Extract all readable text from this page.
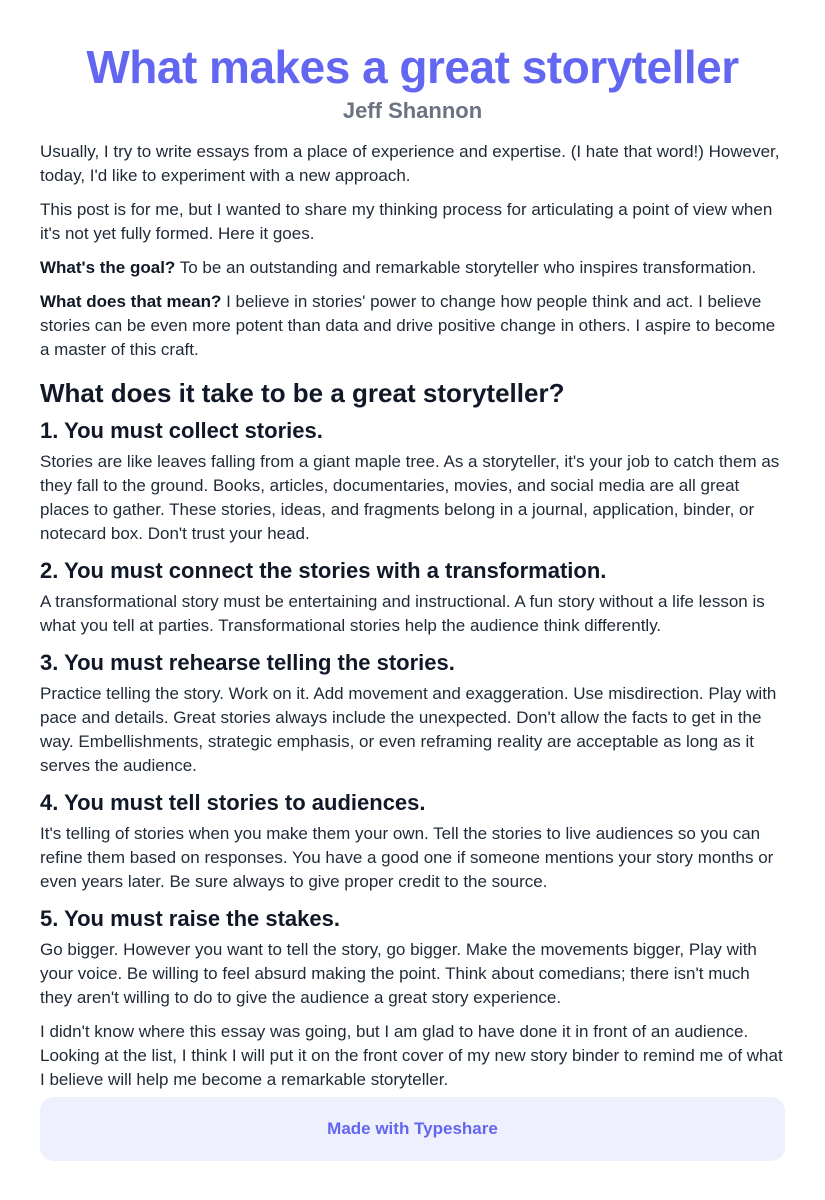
What makes a great storyteller
Jeff Shannon

Usually, I try to write essays from a place of experience and expertise. (I hate that word!) However, today, I'd like to experiment with a new approach.

This post is for me, but I wanted to share my thinking process for articulating a point of view when it's not yet fully formed. Here it goes.

What's the goal? To be an outstanding and remarkable storyteller who inspires transformation.

What does that mean? I believe in stories' power to change how people think and act. I believe stories can be even more potent than data and drive positive change in others. I aspire to become a master of this craft.

What does it take to be a great storyteller?
1. You must collect stories.

Stories are like leaves falling from a giant maple tree. As a storyteller, it's your job to catch them as they fall to the ground. Books, articles, documentaries, movies, and social media are all great places to gather. These stories, ideas, and fragments belong in a journal, application, binder, or notecard box. Don't trust your head.

2. You must connect the stories with a transformation.

A transformational story must be entertaining and instructional. A fun story without a life lesson is what you tell at parties. Transformational stories help the audience think differently.

3. You must rehearse telling the stories.

Practice telling the story. Work on it. Add movement and exaggeration. Use misdirection. Play with pace and details. Great stories always include the unexpected. Don't allow the facts to get in the way. Embellishments, strategic emphasis, or even reframing reality are acceptable as long as it serves the audience.

4. You must tell stories to audiences.

It's telling of stories when you make them your own. Tell the stories to live audiences so you can refine them based on responses. You have a good one if someone mentions your story months or even years later. Be sure always to give proper credit to the source.

5. You must raise the stakes.

Go bigger. However you want to tell the story, go bigger. Make the movements bigger, Play with your voice. Be willing to feel absurd making the point. Think about comedians; there isn't much they aren't willing to do to give the audience a great story experience.

I didn't know where this essay was going, but I am glad to have done it in front of an audience. Looking at the list, I think I will put it on the front cover of my new story binder to remind me of what I believe will help me become a remarkable storyteller.

Made with Typeshare
